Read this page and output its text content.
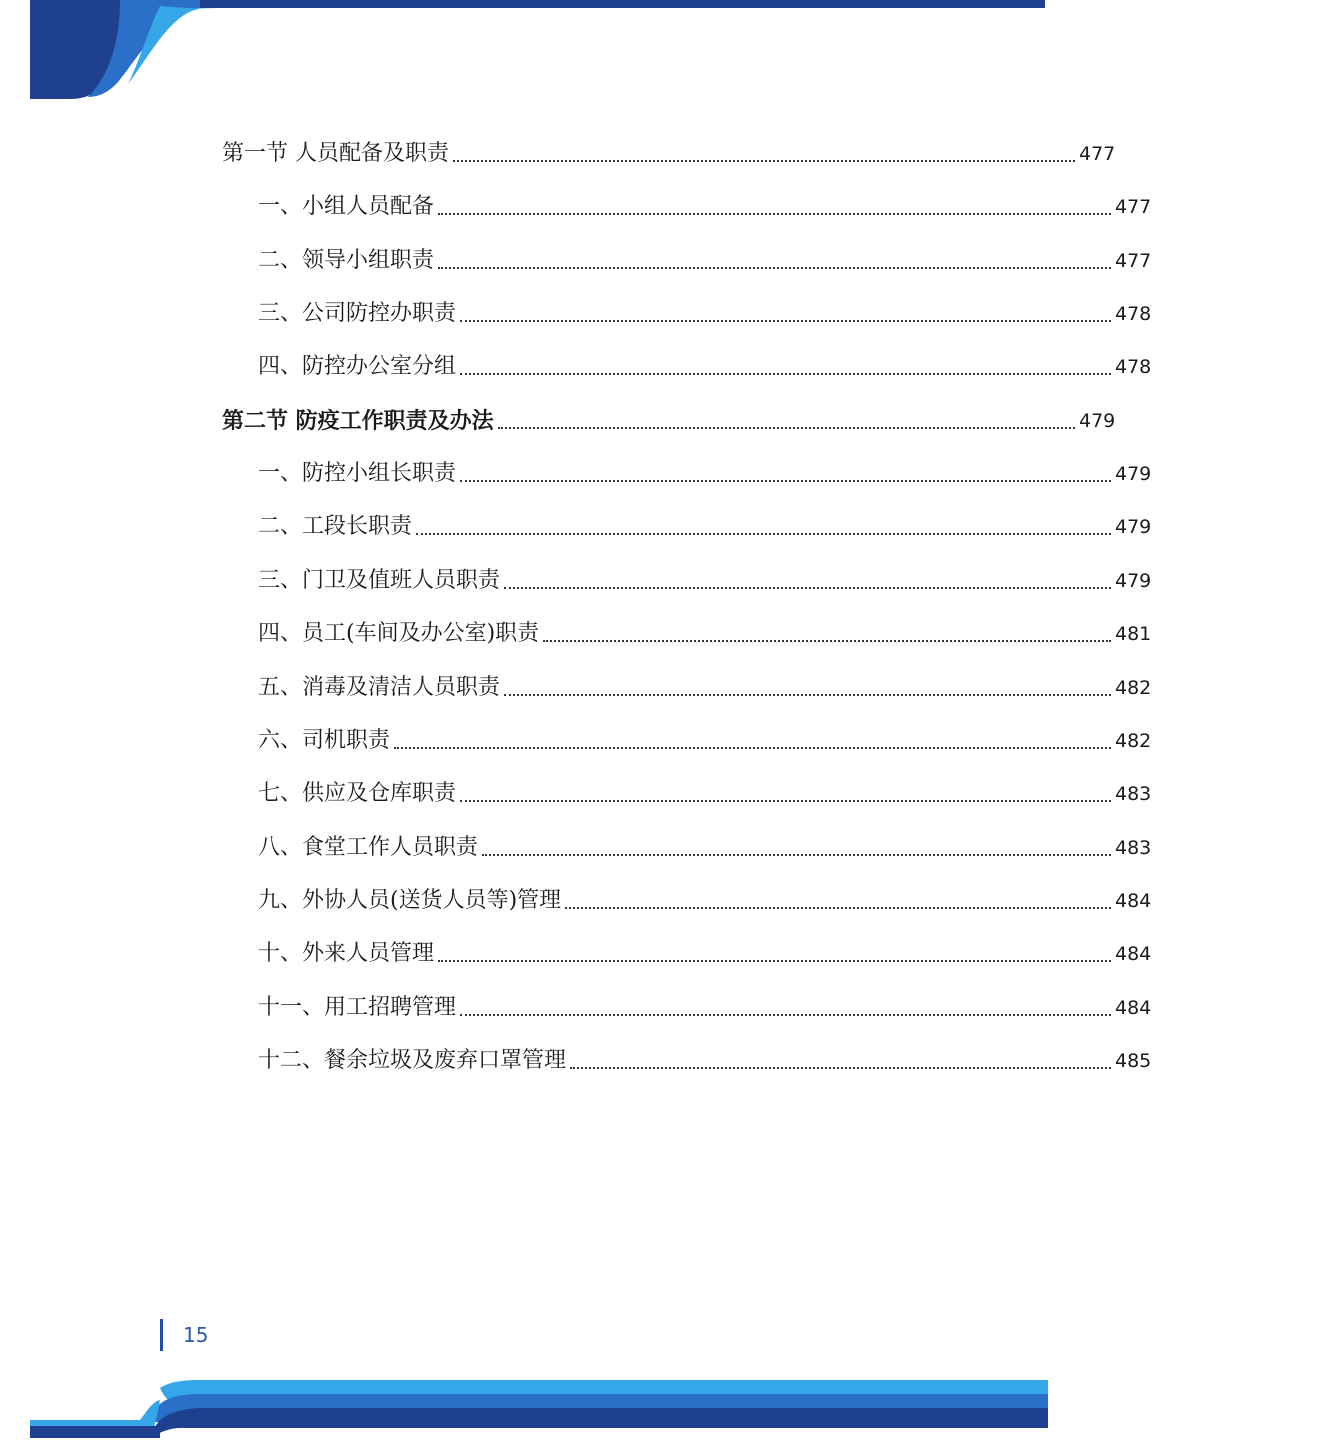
第一节 人员配备及职责	477
一、小组人员配备	477
二、领导小组职责	477
三、公司防控办职责	478
四、防控办公室分组	478
第二节 防疫工作职责及办法	479
一、防控小组长职责	479
二、工段长职责	479
三、门卫及值班人员职责	479
四、员工(车间及办公室)职责	481
五、消毒及清洁人员职责	482
六、司机职责	482
七、供应及仓库职责	483
八、食堂工作人员职责	483
九、外协人员(送货人员等)管理	484
十、外来人员管理	484
十一、用工招聘管理	484
十二、餐余垃圾及废弃口罩管理	485
15
